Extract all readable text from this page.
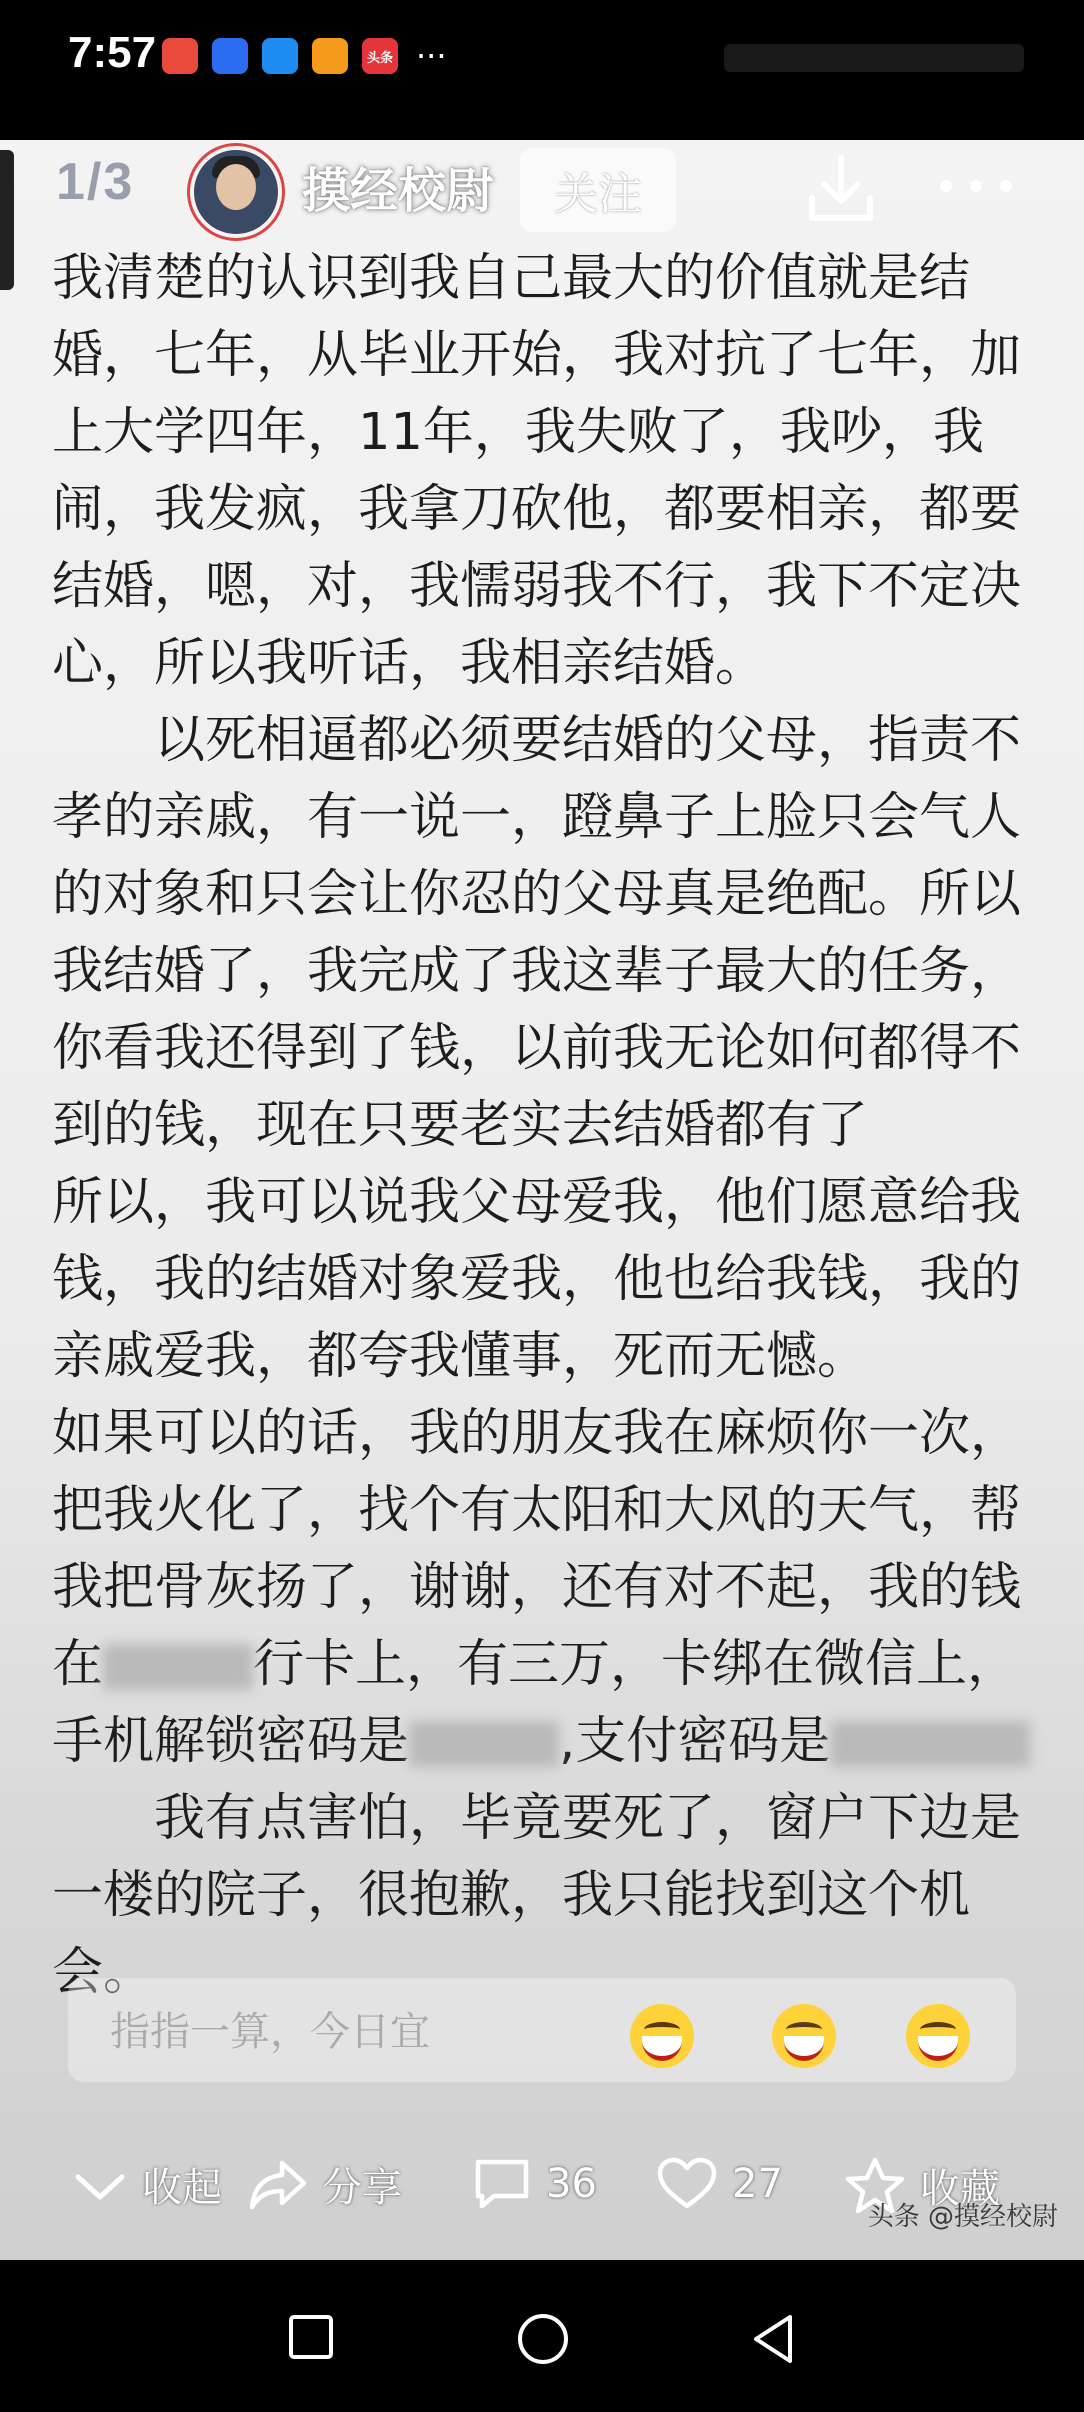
7:57	头条 ···
1/3	摸经校尉	关注

我清楚的认识到我自己最大的价值就是结婚，七年，从毕业开始，我对抗了七年，加上大学四年，11年，我失败了，我吵，我闹，我发疯，我拿刀砍他，都要相亲，都要结婚，嗯，对，我懦弱我不行，我下不定决心，所以我听话，我相亲结婚。

以死相逼都必须要结婚的父母，指责不孝的亲戚，有一说一，蹬鼻子上脸只会气人的对象和只会让你忍的父母真是绝配。所以我结婚了，我完成了我这辈子最大的任务，你看我还得到了钱，以前我无论如何都得不到的钱，现在只要老实去结婚都有了所以，我可以说我父母爱我，他们愿意给我钱，我的结婚对象爱我，他也给我钱，我的亲戚爱我，都夸我懂事，死而无憾。

如果可以的话，我的朋友我在麻烦你一次，把我火化了，找个有太阳和大风的天气，帮我把骨灰扬了，谢谢，还有对不起，我的钱在	行卡上，有三万，卡绑在微信上，手机解锁密码是	,支付密码是

我有点害怕，毕竟要死了，窗户下边是一楼的院子，很抱歉，我只能找到这个机会。

指指一算，今日宜
收起	分享	36	27	收藏
头条 @摸经校尉
